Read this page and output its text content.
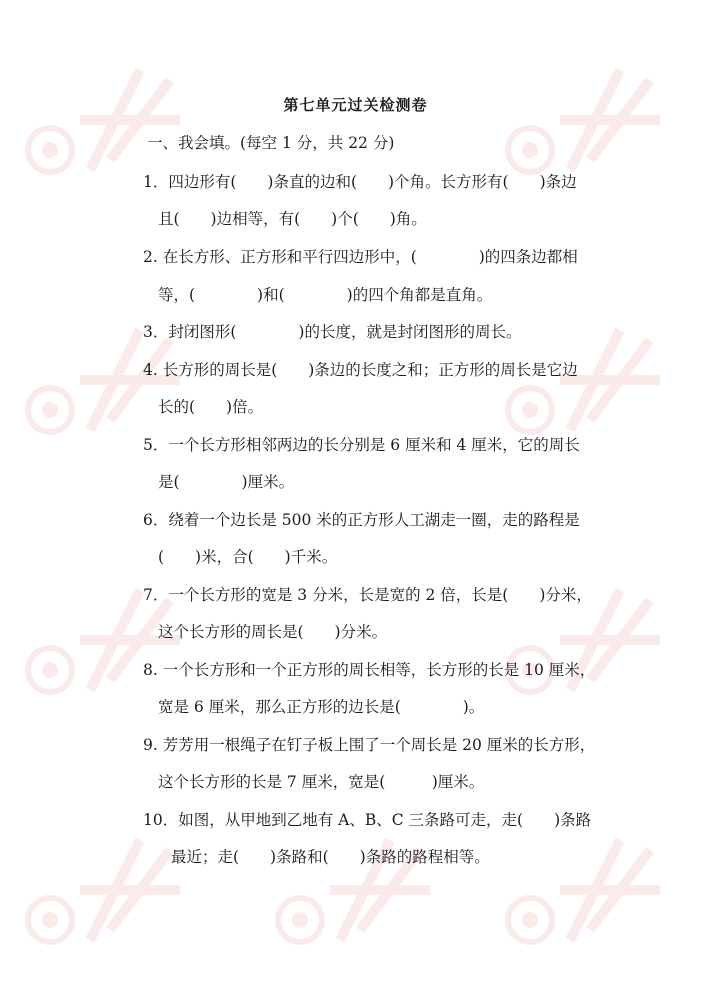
第七单元过关检测卷
一、我会填。(每空 1 分，共 22 分)
1．四边形有(　　)条直的边和(　　)个角。长方形有(　　)条边
且(　　)边相等，有(　　)个(　　)角。
2. 在长方形、正方形和平行四边形中，(　　　　)的四条边都相
等，(　　　　)和(　　　　)的四个角都是直角。
3．封闭图形(　　　　)的长度，就是封闭图形的周长。
4. 长方形的周长是(　　)条边的长度之和；正方形的周长是它边
长的(　　)倍。
5．一个长方形相邻两边的长分别是 6 厘米和 4 厘米，它的周长
是(　　　　)厘米。
6．绕着一个边长是 500 米的正方形人工湖走一圈，走的路程是
(　　)米，合(　　)千米。
7．一个长方形的宽是 3 分米，长是宽的 2 倍，长是(　　)分米，
这个长方形的周长是(　　)分米。
8. 一个长方形和一个正方形的周长相等，长方形的长是 10 厘米，
宽是 6 厘米，那么正方形的边长是(　　　　)。
9. 芳芳用一根绳子在钉子板上围了一个周长是 20 厘米的长方形，
这个长方形的长是 7 厘米，宽是(　　　)厘米。
10．如图，从甲地到乙地有 A、B、C 三条路可走，走(　　)条路
最近；走(　　)条路和(　　)条路的路程相等。
